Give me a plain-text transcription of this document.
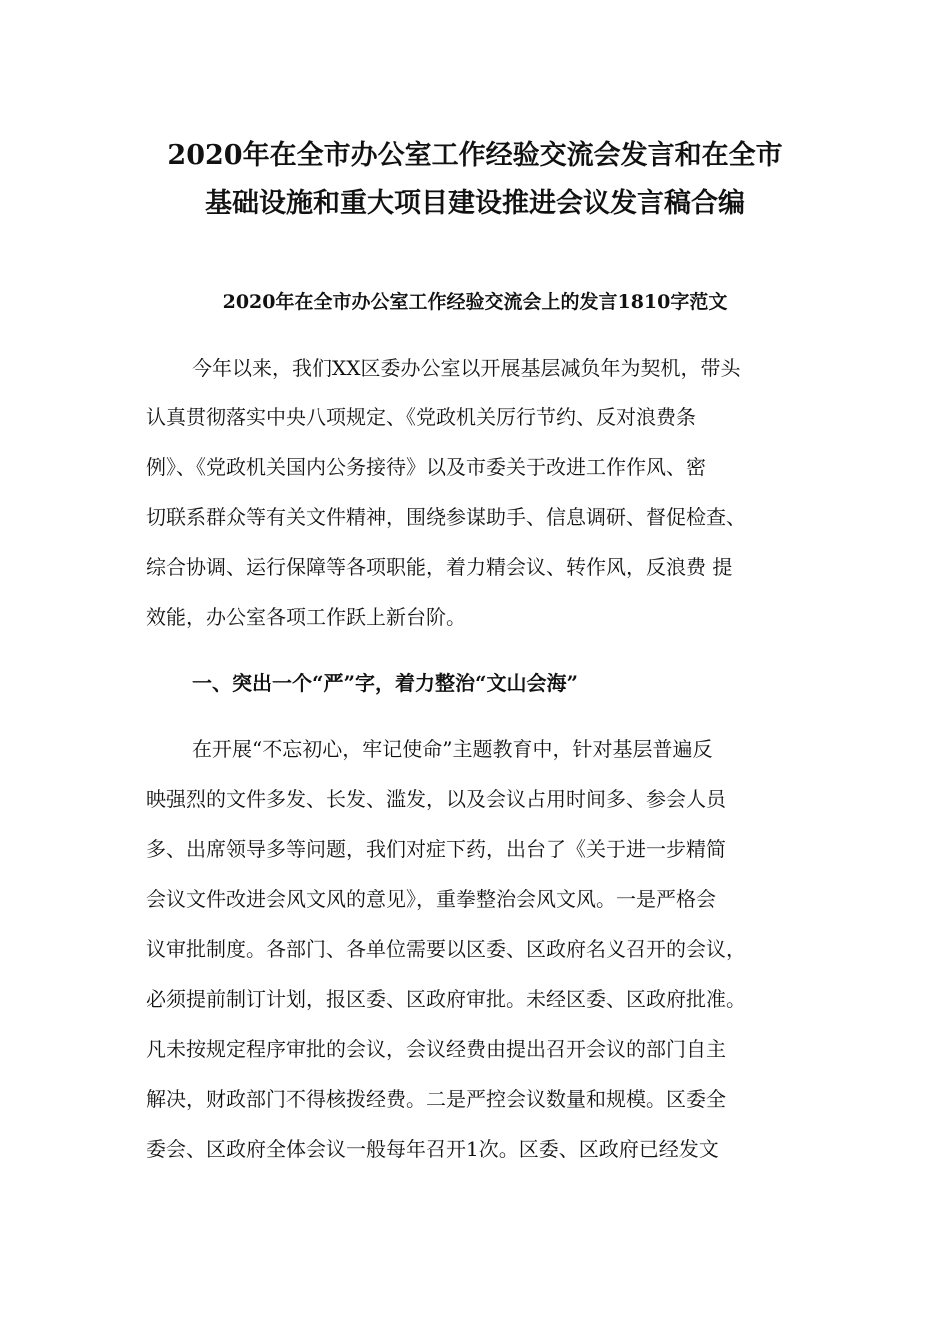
2020年在全市办公室工作经验交流会发言和在全市
基础设施和重大项目建设推进会议发言稿合编
2020年在全市办公室工作经验交流会上的发言1810字范文
今年以来，我们XX区委办公室以开展基层减负年为契机，带头
认真贯彻落实中央八项规定、《党政机关厉行节约、反对浪费条
例》、《党政机关国内公务接待》以及市委关于改进工作作风、密
切联系群众等有关文件精神，围绕参谋助手、信息调研、督促检查、
综合协调、运行保障等各项职能，着力精会议、转作风，反浪费 提
效能，办公室各项工作跃上新台阶。
一、突出一个“严”字，着力整治“文山会海”
在开展“不忘初心，牢记使命”主题教育中，针对基层普遍反
映强烈的文件多发、长发、滥发，以及会议占用时间多、参会人员
多、出席领导多等问题，我们对症下药，出台了《关于进一步精简
会议文件改进会风文风的意见》，重拳整治会风文风。一是严格会
议审批制度。各部门、各单位需要以区委、区政府名义召开的会议，
必须提前制订计划，报区委、区政府审批。未经区委、区政府批准。
凡未按规定程序审批的会议，会议经费由提出召开会议的部门自主
解决，财政部门不得核拨经费。二是严控会议数量和规模。区委全
委会、区政府全体会议一般每年召开1次。区委、区政府已经发文
